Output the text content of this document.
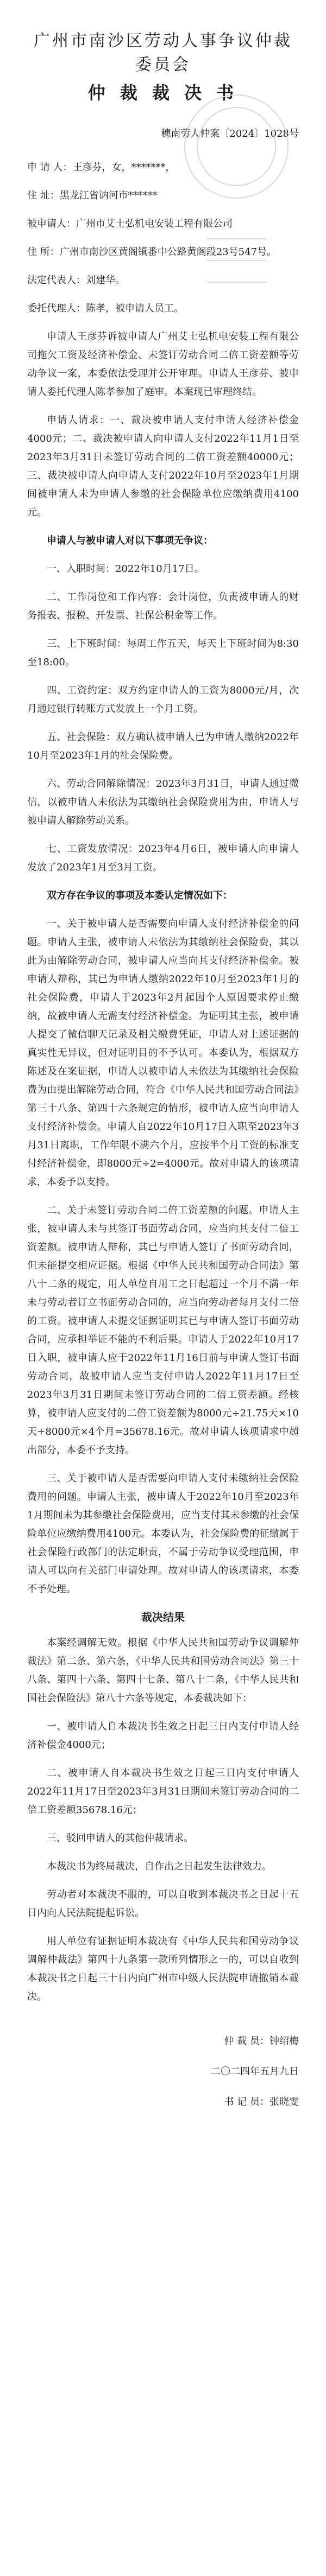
广州市南沙区劳动人事争议仲裁委员会
仲 裁 裁 决 书
穗南劳人仲案〔2024〕1028号

申 请 人：王彦芬，女，*******，

住 址：黑龙江省讷河市******

被申请人：广州市艾士弘机电安装工程有限公司

住 所：广州市南沙区黄阁镇番中公路黄阁段23号547号。

法定代表人：刘建华。

委托代理人：陈孝，被申请人员工。

申请人王彦芬诉被申请人广州艾士弘机电安装工程有限公司拖欠工资及经济补偿金、未签订劳动合同二倍工资差额等劳动争议一案，本委依法受理并公开审理。申请人王彦芬、被申请人委托代理人陈孝参加了庭审。本案现已审理终结。

申请人请求：一、裁决被申请人支付申请人经济补偿金4000元；二、裁决被申请人向申请人支付2022年11月1日至2023年3月31日未签订劳动合同的二倍工资差额40000元；三、裁决被申请人向申请人支付2022年10月至2023年1月期间被申请人未为申请人参缴的社会保险单位应缴纳费用4100元。

申请人与被申请人对以下事项无争议：

一、入职时间：2022年10月17日。

二、工作岗位和工作内容：会计岗位，负责被申请人的财务报表、报税、开发票、社保公积金等工作。

三、上下班时间：每周工作五天，每天上下班时间为8:30至18:00。

四、工资约定：双方约定申请人的工资为8000元/月，次月通过银行转账方式发放上一个月工资。

五、社会保险：双方确认被申请人已为申请人缴纳2022年10月至2023年1月的社会保险费。

六、劳动合同解除情况：2023年3月31日，申请人通过微信，以被申请人未依法为其缴纳社会保险费用为由，申请人与被申请人解除劳动关系。

七、工资发放情况：2023年4月6日，被申请人向申请人发放了2023年1月至3月工资。

双方存在争议的事项及本委认定情况如下：

一、关于被申请人是否需要向申请人支付经济补偿金的问题。申请人主张，被申请人未依法为其缴纳社会保险费，其以此为由解除劳动合同，被申请人应当向其支付经济补偿金。被申请人辩称，其已为申请人缴纳2022年10月至2023年1月的社会保险费，申请人于2023年2月起因个人原因要求停止缴纳，故被申请人无需支付经济补偿金。为证明其主张，被申请人提交了微信聊天记录及相关缴费凭证，申请人对上述证据的真实性无异议，但对证明目的不予认可。本委认为，根据双方陈述及在案证据，申请人以被申请人未依法为其缴纳社会保险费为由提出解除劳动合同，符合《中华人民共和国劳动合同法》第三十八条、第四十六条规定的情形，被申请人应当向申请人支付经济补偿金。申请人自2022年10月17日入职至2023年3月31日离职，工作年限不满六个月，应按半个月工资的标准支付经济补偿金，即8000元÷2=4000元。故对申请人的该项请求，本委予以支持。

二、关于未签订劳动合同二倍工资差额的问题。申请人主张，被申请人未与其签订书面劳动合同，应当向其支付二倍工资差额。被申请人辩称，其已与申请人签订了书面劳动合同，但未能提交相应证据。根据《中华人民共和国劳动合同法》第八十二条的规定，用人单位自用工之日起超过一个月不满一年未与劳动者订立书面劳动合同的，应当向劳动者每月支付二倍的工资。被申请人未提交证据证明其已与申请人签订书面劳动合同，应承担举证不能的不利后果。申请人于2022年10月17日入职，被申请人应于2022年11月16日前与申请人签订书面劳动合同，故被申请人应当支付申请人2022年11月17日至2023年3月31日期间未签订劳动合同的二倍工资差额。经核算，被申请人应支付的二倍工资差额为8000元÷21.75天×10天+8000元×4个月=35678.16元。故对申请人该项请求中超出部分，本委不予支持。

三、关于被申请人是否需要向申请人支付未缴纳社会保险费用的问题。申请人主张，被申请人于2022年10月至2023年1月期间未为其参缴社会保险费用，应当支付其未参缴的社会保险单位应缴纳费用4100元。本委认为，社会保险费的征缴属于社会保险行政部门的法定职责，不属于劳动争议受理范围，申请人可以向有关部门申请处理。故对申请人的该项请求，本委不予处理。

裁决结果

本案经调解无效。根据《中华人民共和国劳动争议调解仲裁法》第二条、第六条，《中华人民共和国劳动合同法》第三十八条、第四十六条、第四十七条、第八十二条，《中华人民共和国社会保险法》第八十六条等规定，本委裁决如下：

一、被申请人自本裁决书生效之日起三日内支付申请人经济补偿金4000元；

二、被申请人自本裁决书生效之日起三日内支付申请人2022年11月17日至2023年3月31日期间未签订劳动合同的二倍工资差额35678.16元；

三、驳回申请人的其他仲裁请求。

本裁决书为终局裁决，自作出之日起发生法律效力。

劳动者对本裁决不服的，可以自收到本裁决书之日起十五日内向人民法院提起诉讼。

用人单位有证据证明本裁决有《中华人民共和国劳动争议调解仲裁法》第四十九条第一款所列情形之一的，可以自收到本裁决书之日起三十日内向广州市中级人民法院申请撤销本裁决。

仲 裁 员：钟绍梅
二〇二四年五月九日
书 记 员：张晓雯
